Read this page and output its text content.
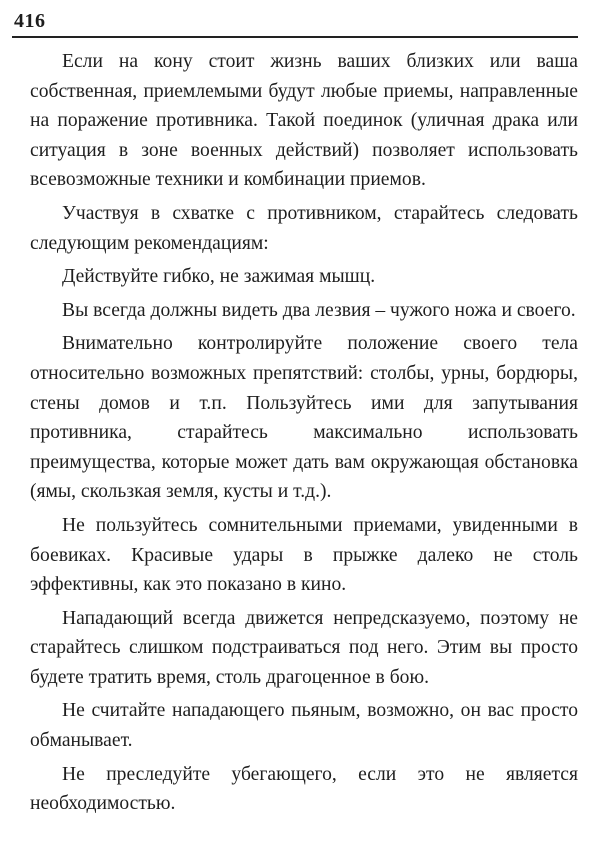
416

Если на кону стоит жизнь ваших близких или ваша собственная, приемлемыми будут любые приемы, направленные на поражение противника. Такой поединок (уличная драка или ситуация в зоне военных действий) позволяет использовать всевозможные техники и комбинации приемов.

Участвуя в схватке с противником, старайтесь следовать следующим рекомендациям:

Действуйте гибко, не зажимая мышц.

Вы всегда должны видеть два лезвия – чужого ножа и своего.

Внимательно контролируйте положение своего тела относительно возможных препятствий: столбы, урны, бордюры, стены домов и т.п. Пользуйтесь ими для запутывания противника, старайтесь максимально использовать преимущества, которые может дать вам окружающая обстановка (ямы, скользкая земля, кусты и т.д.).

Не пользуйтесь сомнительными приемами, увиденными в боевиках. Красивые удары в прыжке далеко не столь эффективны, как это показано в кино.

Нападающий всегда движется непредсказуемо, поэтому не старайтесь слишком подстраиваться под него. Этим вы просто будете тратить время, столь драгоценное в бою.

Не считайте нападающего пьяным, возможно, он вас просто обманывает.

Не преследуйте убегающего, если это не является необходимостью.
